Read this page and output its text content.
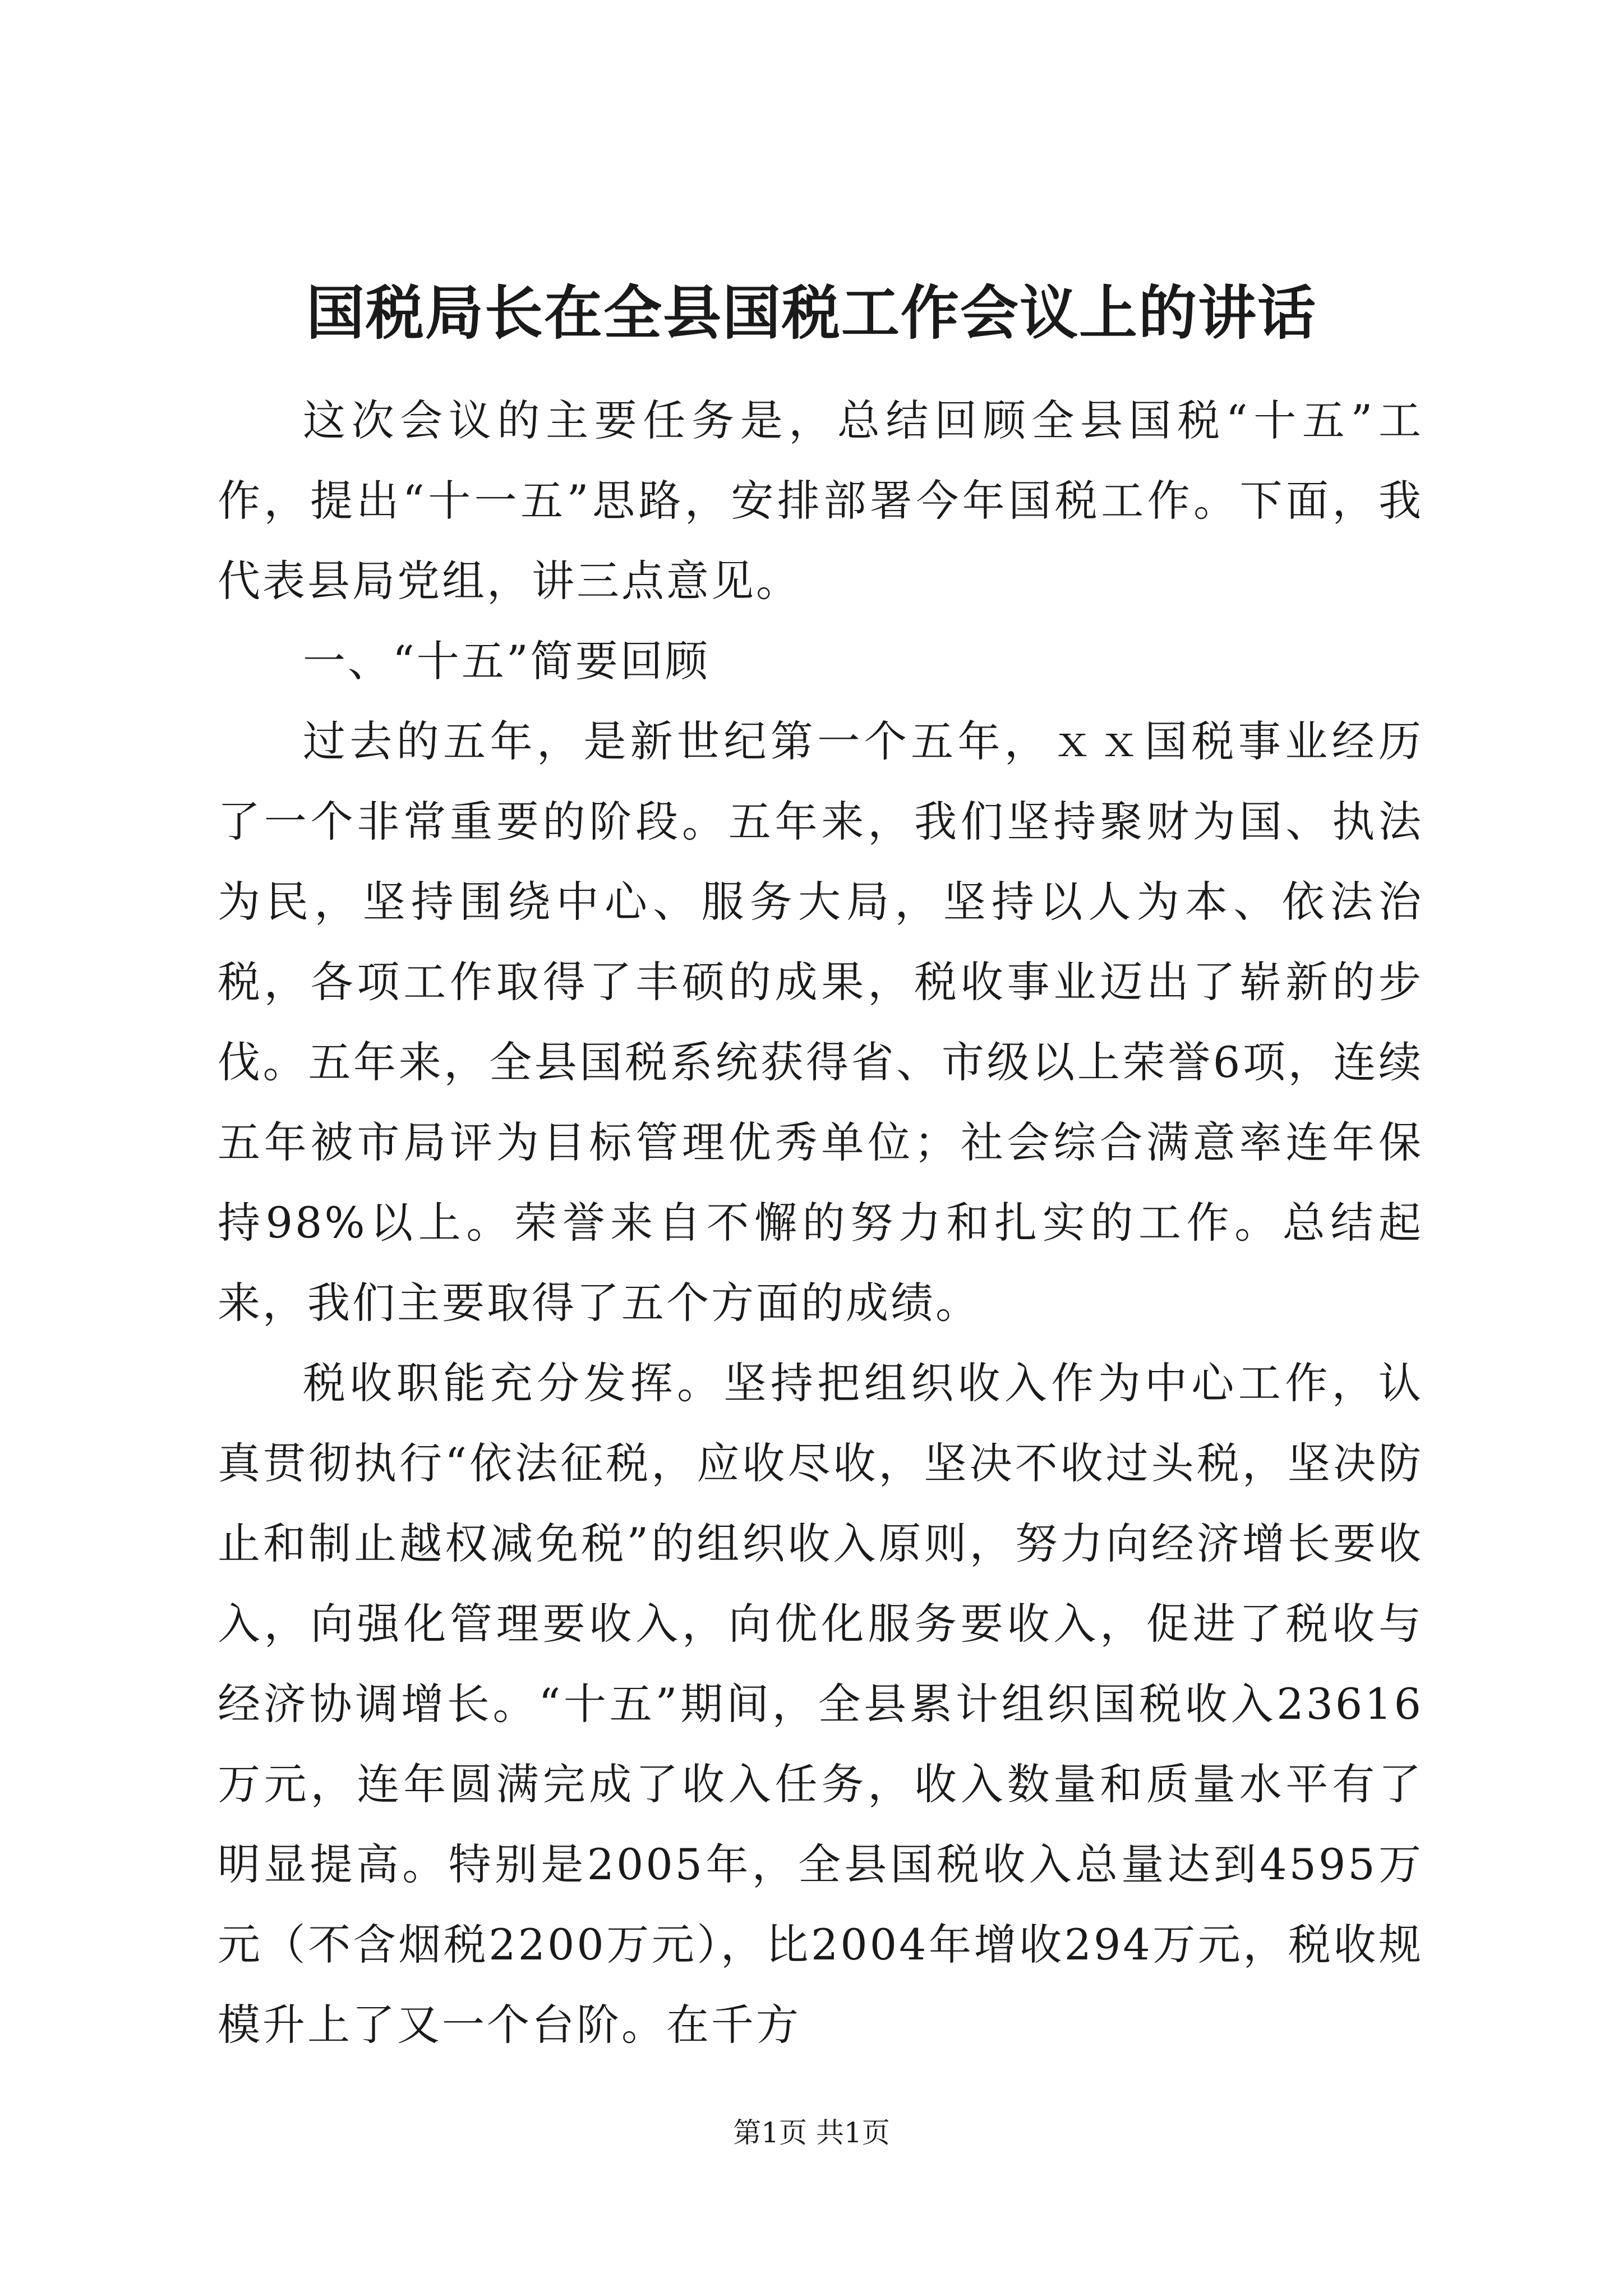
国税局长在全县国税工作会议上的讲话

这次会议的主要任务是，总结回顾全县国税“十五”工作，提出“十一五”思路，安排部署今年国税工作。下面，我代表县局党组，讲三点意见。

一、“十五”简要回顾

过去的五年，是新世纪第一个五年，ｘｘ国税事业经历了一个非常重要的阶段。五年来，我们坚持聚财为国、执法为民，坚持围绕中心、服务大局，坚持以人为本、依法治税，各项工作取得了丰硕的成果，税收事业迈出了崭新的步伐。五年来，全县国税系统获得省、市级以上荣誉6项，连续五年被市局评为目标管理优秀单位；社会综合满意率连年保持98%以上。荣誉来自不懈的努力和扎实的工作。总结起来，我们主要取得了五个方面的成绩。

税收职能充分发挥。坚持把组织收入作为中心工作，认真贯彻执行“依法征税，应收尽收，坚决不收过头税，坚决防止和制止越权减免税”的组织收入原则，努力向经济增长要收入，向强化管理要收入，向优化服务要收入，促进了税收与经济协调增长。“十五”期间，全县累计组织国税收入23616万元，连年圆满完成了收入任务，收入数量和质量水平有了明显提高。特别是2005年，全县国税收入总量达到4595万元（不含烟税2200万元），比2004年增收294万元，税收规模升上了又一个台阶。在千方

第1页 共1页
